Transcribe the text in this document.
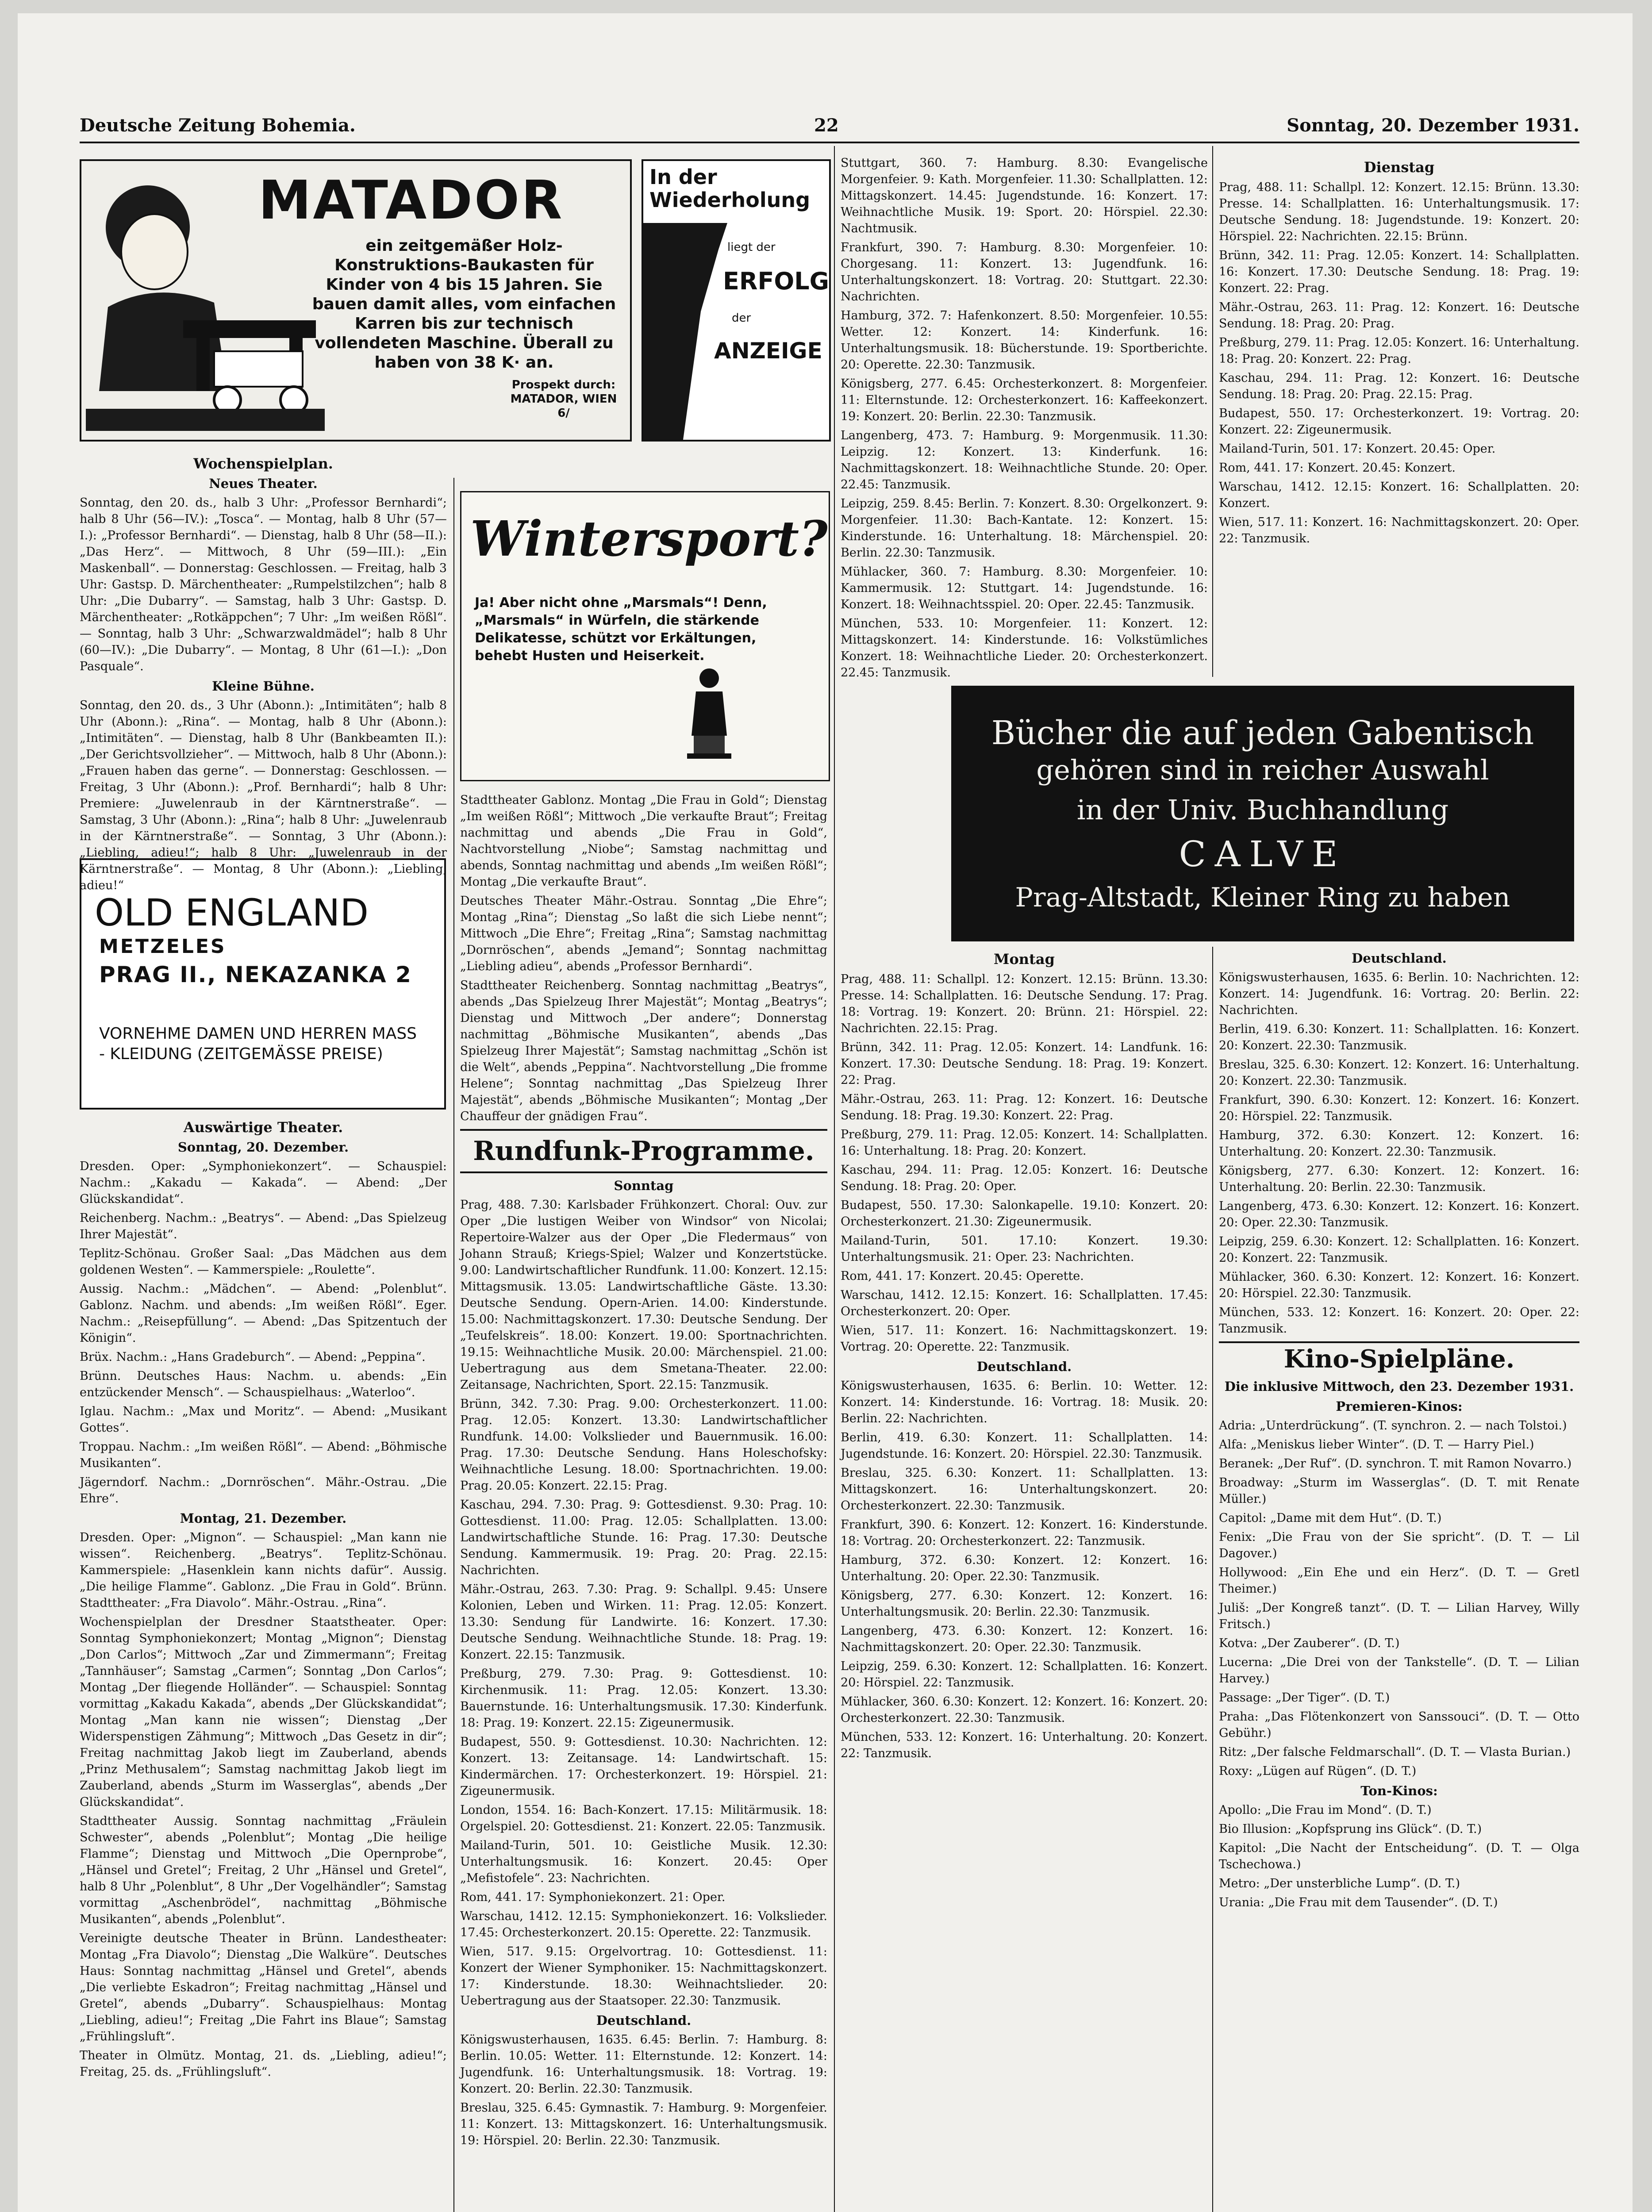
Deutsche Zeitung Bohemia.	22	Sonntag, 20. Dezember 1931.
MATADOR
ein zeitgemäßer Holz-Konstruktions-Baukasten für Kinder von 4 bis 15 Jahren. Sie bauen damit alles, vom einfachen Karren bis zur technisch vollendeten Maschine. Überall zu haben von 38 K· an.
Prospekt durch: MATADOR, WIEN 6/
In der Wiederholung
liegt der
ERFOLG
der
ANZEIGE
Wintersport?
Ja! Aber nicht ohne „Marsmals“! Denn, „Marsmals“ in Würfeln, die stärkende Delikatesse, schützt vor Erkältungen, behebt Husten und Heiserkeit.
OLD ENGLAND
METZELES
PRAG II., NEKAZANKA 2
VORNEHME DAMEN UND HERREN MASS - KLEIDUNG (ZEITGEMÄSSE PREISE)
Bücher die auf jeden Gabentisch
gehören sind in reicher Auswahl
in der Univ. Buchhandlung
CALVE
Prag-Altstadt, Kleiner Ring zu haben
Wochenspielplan.
Neues Theater.

Sonntag, den 20. ds., halb 3 Uhr: „Professor Bernhardi“; halb 8 Uhr (56—IV.): „Tosca“. — Montag, halb 8 Uhr (57—I.): „Professor Bernhardi“. — Dienstag, halb 8 Uhr (58—II.): „Das Herz“. — Mittwoch, 8 Uhr (59—III.): „Ein Maskenball“. — Donnerstag: Geschlossen. — Freitag, halb 3 Uhr: Gastsp. D. Märchentheater: „Rumpelstilzchen“; halb 8 Uhr: „Die Dubarry“. — Samstag, halb 3 Uhr: Gastsp. D. Märchentheater: „Rotkäppchen“; 7 Uhr: „Im weißen Rößl“. — Sonntag, halb 3 Uhr: „Schwarzwaldmädel“; halb 8 Uhr (60—IV.): „Die Dubarry“. — Montag, 8 Uhr (61—I.): „Don Pasquale“.

Kleine Bühne.

Sonntag, den 20. ds., 3 Uhr (Abonn.): „Intimitäten“; halb 8 Uhr (Abonn.): „Rina“. — Montag, halb 8 Uhr (Abonn.): „Intimitäten“. — Dienstag, halb 8 Uhr (Bankbeamten II.): „Der Gerichtsvollzieher“. — Mittwoch, halb 8 Uhr (Abonn.): „Frauen haben das gerne“. — Donnerstag: Geschlossen. — Freitag, 3 Uhr (Abonn.): „Prof. Bernhardi“; halb 8 Uhr: Premiere: „Juwelenraub in der Kärntnerstraße“. — Samstag, 3 Uhr (Abonn.): „Rina“; halb 8 Uhr: „Juwelenraub in der Kärntnerstraße“. — Sonntag, 3 Uhr (Abonn.): „Liebling, adieu!“; halb 8 Uhr: „Juwelenraub in der Kärntnerstraße“. — Montag, 8 Uhr (Abonn.): „Liebling, adieu!“

Auswärtige Theater.
Sonntag, 20. Dezember.

Dresden. Oper: „Symphoniekonzert“. — Schauspiel: Nachm.: „Kakadu — Kakada“. — Abend: „Der Glückskandidat“.

Reichenberg. Nachm.: „Beatrys“. — Abend: „Das Spielzeug Ihrer Majestät“.

Teplitz-Schönau. Großer Saal: „Das Mädchen aus dem goldenen Westen“. — Kammerspiele: „Roulette“.

Aussig. Nachm.: „Mädchen“. — Abend: „Polenblut“. Gablonz. Nachm. und abends: „Im weißen Rößl“. Eger. Nachm.: „Reisepfüllung“. — Abend: „Das Spitzentuch der Königin“.

Brüx. Nachm.: „Hans Gradeburch“. — Abend: „Peppina“.

Brünn. Deutsches Haus: Nachm. u. abends: „Ein entzückender Mensch“. — Schauspielhaus: „Waterloo“.

Iglau. Nachm.: „Max und Moritz“. — Abend: „Musikant Gottes“.

Troppau. Nachm.: „Im weißen Rößl“. — Abend: „Böhmische Musikanten“.

Jägerndorf. Nachm.: „Dornröschen“. Mähr.-Ostrau. „Die Ehre“.

Montag, 21. Dezember.

Dresden. Oper: „Mignon“. — Schauspiel: „Man kann nie wissen“. Reichenberg. „Beatrys“. Teplitz-Schönau. Kammerspiele: „Hasenklein kann nichts dafür“. Aussig. „Die heilige Flamme“. Gablonz. „Die Frau in Gold“. Brünn. Stadttheater: „Fra Diavolo“. Mähr.-Ostrau. „Rina“.

Wochenspielplan der Dresdner Staatstheater. Oper: Sonntag Symphoniekonzert; Montag „Mignon“; Dienstag „Don Carlos“; Mittwoch „Zar und Zimmermann“; Freitag „Tannhäuser“; Samstag „Carmen“; Sonntag „Don Carlos“; Montag „Der fliegende Holländer“. — Schauspiel: Sonntag vormittag „Kakadu Kakada“, abends „Der Glückskandidat“; Montag „Man kann nie wissen“; Dienstag „Der Widerspenstigen Zähmung“; Mittwoch „Das Gesetz in dir“; Freitag nachmittag Jakob liegt im Zauberland, abends „Prinz Methusalem“; Samstag nachmittag Jakob liegt im Zauberland, abends „Sturm im Wasserglas“, abends „Der Glückskandidat“.

Stadttheater Aussig. Sonntag nachmittag „Fräulein Schwester“, abends „Polenblut“; Montag „Die heilige Flamme“; Dienstag und Mittwoch „Die Opernprobe“, „Hänsel und Gretel“; Freitag, 2 Uhr „Hänsel und Gretel“, halb 8 Uhr „Polenblut“, 8 Uhr „Der Vogelhändler“; Samstag vormittag „Aschenbrödel“, nachmittag „Böhmische Musikanten“, abends „Polenblut“.

Vereinigte deutsche Theater in Brünn. Landestheater: Montag „Fra Diavolo“; Dienstag „Die Walküre“. Deutsches Haus: Sonntag nachmittag „Hänsel und Gretel“, abends „Die verliebte Eskadron“; Freitag nachmittag „Hänsel und Gretel“, abends „Dubarry“. Schauspielhaus: Montag „Liebling, adieu!“; Freitag „Die Fahrt ins Blaue“; Samstag „Frühlingsluft“.

Theater in Olmütz. Montag, 21. ds. „Liebling, adieu!“; Freitag, 25. ds. „Frühlingsluft“.

Stadttheater Gablonz. Montag „Die Frau in Gold“; Dienstag „Im weißen Rößl“; Mittwoch „Die verkaufte Braut“; Freitag nachmittag und abends „Die Frau in Gold“, Nachtvorstellung „Niobe“; Samstag nachmittag und abends, Sonntag nachmittag und abends „Im weißen Rößl“; Montag „Die verkaufte Braut“.

Deutsches Theater Mähr.-Ostrau. Sonntag „Die Ehre“; Montag „Rina“; Dienstag „So laßt die sich Liebe nennt“; Mittwoch „Die Ehre“; Freitag „Rina“; Samstag nachmittag „Dornröschen“, abends „Jemand“; Sonntag nachmittag „Liebling adieu“, abends „Professor Bernhardi“.

Stadttheater Reichenberg. Sonntag nachmittag „Beatrys“, abends „Das Spielzeug Ihrer Majestät“; Montag „Beatrys“; Dienstag und Mittwoch „Der andere“; Donnerstag nachmittag „Böhmische Musikanten“, abends „Das Spielzeug Ihrer Majestät“; Samstag nachmittag „Schön ist die Welt“, abends „Peppina“. Nachtvorstellung „Die fromme Helene“; Sonntag nachmittag „Das Spielzeug Ihrer Majestät“, abends „Böhmische Musikanten“; Montag „Der Chauffeur der gnädigen Frau“.

Rundfunk-Programme.
Sonntag

Prag, 488. 7.30: Karlsbader Frühkonzert. Choral: Ouv. zur Oper „Die lustigen Weiber von Windsor“ von Nicolai; Repertoire-Walzer aus der Oper „Die Fledermaus“ von Johann Strauß; Kriegs-Spiel; Walzer und Konzertstücke. 9.00: Landwirtschaftlicher Rundfunk. 11.00: Konzert. 12.15: Mittagsmusik. 13.05: Landwirtschaftliche Gäste. 13.30: Deutsche Sendung. Opern-Arien. 14.00: Kinderstunde. 15.00: Nachmittagskonzert. 17.30: Deutsche Sendung. Der „Teufelskreis“. 18.00: Konzert. 19.00: Sportnachrichten. 19.15: Weihnachtliche Musik. 20.00: Märchenspiel. 21.00: Uebertragung aus dem Smetana-Theater. 22.00: Zeitansage, Nachrichten, Sport. 22.15: Tanzmusik.

Brünn, 342. 7.30: Prag. 9.00: Orchesterkonzert. 11.00: Prag. 12.05: Konzert. 13.30: Landwirtschaftlicher Rundfunk. 14.00: Volkslieder und Bauernmusik. 16.00: Prag. 17.30: Deutsche Sendung. Hans Holeschofsky: Weihnachtliche Lesung. 18.00: Sportnachrichten. 19.00: Prag. 20.05: Konzert. 22.15: Prag.

Kaschau, 294. 7.30: Prag. 9: Gottesdienst. 9.30: Prag. 10: Gottesdienst. 11.00: Prag. 12.05: Schallplatten. 13.00: Landwirtschaftliche Stunde. 16: Prag. 17.30: Deutsche Sendung. Kammermusik. 19: Prag. 20: Prag. 22.15: Nachrichten.

Mähr.-Ostrau, 263. 7.30: Prag. 9: Schallpl. 9.45: Unsere Kolonien, Leben und Wirken. 11: Prag. 12.05: Konzert. 13.30: Sendung für Landwirte. 16: Konzert. 17.30: Deutsche Sendung. Weihnachtliche Stunde. 18: Prag. 19: Konzert. 22.15: Tanzmusik.

Preßburg, 279. 7.30: Prag. 9: Gottesdienst. 10: Kirchenmusik. 11: Prag. 12.05: Konzert. 13.30: Bauernstunde. 16: Unterhaltungsmusik. 17.30: Kinderfunk. 18: Prag. 19: Konzert. 22.15: Zigeunermusik.

Budapest, 550. 9: Gottesdienst. 10.30: Nachrichten. 12: Konzert. 13: Zeitansage. 14: Landwirtschaft. 15: Kindermärchen. 17: Orchesterkonzert. 19: Hörspiel. 21: Zigeunermusik.

London, 1554. 16: Bach-Konzert. 17.15: Militärmusik. 18: Orgelspiel. 20: Gottesdienst. 21: Konzert. 22.05: Tanzmusik.

Mailand-Turin, 501. 10: Geistliche Musik. 12.30: Unterhaltungsmusik. 16: Konzert. 20.45: Oper „Mefistofele“. 23: Nachrichten.

Rom, 441. 17: Symphoniekonzert. 21: Oper.

Warschau, 1412. 12.15: Symphoniekonzert. 16: Volkslieder. 17.45: Orchesterkonzert. 20.15: Operette. 22: Tanzmusik.

Wien, 517. 9.15: Orgelvortrag. 10: Gottesdienst. 11: Konzert der Wiener Symphoniker. 15: Nachmittagskonzert. 17: Kinderstunde. 18.30: Weihnachtslieder. 20: Uebertragung aus der Staatsoper. 22.30: Tanzmusik.

Deutschland.

Königswusterhausen, 1635. 6.45: Berlin. 7: Hamburg. 8: Berlin. 10.05: Wetter. 11: Elternstunde. 12: Konzert. 14: Jugendfunk. 16: Unterhaltungsmusik. 18: Vortrag. 19: Konzert. 20: Berlin. 22.30: Tanzmusik.

Breslau, 325. 6.45: Gymnastik. 7: Hamburg. 9: Morgenfeier. 11: Konzert. 13: Mittagskonzert. 16: Unterhaltungsmusik. 19: Hörspiel. 20: Berlin. 22.30: Tanzmusik.

Stuttgart, 360. 7: Hamburg. 8.30: Evangelische Morgenfeier. 9: Kath. Morgenfeier. 11.30: Schallplatten. 12: Mittagskonzert. 14.45: Jugendstunde. 16: Konzert. 17: Weihnachtliche Musik. 19: Sport. 20: Hörspiel. 22.30: Nachtmusik.

Frankfurt, 390. 7: Hamburg. 8.30: Morgenfeier. 10: Chorgesang. 11: Konzert. 13: Jugendfunk. 16: Unterhaltungskonzert. 18: Vortrag. 20: Stuttgart. 22.30: Nachrichten.

Hamburg, 372. 7: Hafenkonzert. 8.50: Morgenfeier. 10.55: Wetter. 12: Konzert. 14: Kinderfunk. 16: Unterhaltungsmusik. 18: Bücherstunde. 19: Sportberichte. 20: Operette. 22.30: Tanzmusik.

Königsberg, 277. 6.45: Orchesterkonzert. 8: Morgenfeier. 11: Elternstunde. 12: Orchesterkonzert. 16: Kaffeekonzert. 19: Konzert. 20: Berlin. 22.30: Tanzmusik.

Langenberg, 473. 7: Hamburg. 9: Morgenmusik. 11.30: Leipzig. 12: Konzert. 13: Kinderfunk. 16: Nachmittagskonzert. 18: Weihnachtliche Stunde. 20: Oper. 22.45: Tanzmusik.

Leipzig, 259. 8.45: Berlin. 7: Konzert. 8.30: Orgelkonzert. 9: Morgenfeier. 11.30: Bach-Kantate. 12: Konzert. 15: Kinderstunde. 16: Unterhaltung. 18: Märchenspiel. 20: Berlin. 22.30: Tanzmusik.

Mühlacker, 360. 7: Hamburg. 8.30: Morgenfeier. 10: Kammermusik. 12: Stuttgart. 14: Jugendstunde. 16: Konzert. 18: Weihnachtsspiel. 20: Oper. 22.45: Tanzmusik.

München, 533. 10: Morgenfeier. 11: Konzert. 12: Mittagskonzert. 14: Kinderstunde. 16: Volkstümliches Konzert. 18: Weihnachtliche Lieder. 20: Orchesterkonzert. 22.45: Tanzmusik.

Montag

Prag, 488. 11: Schallpl. 12: Konzert. 12.15: Brünn. 13.30: Presse. 14: Schallplatten. 16: Deutsche Sendung. 17: Prag. 18: Vortrag. 19: Konzert. 20: Brünn. 21: Hörspiel. 22: Nachrichten. 22.15: Prag.

Brünn, 342. 11: Prag. 12.05: Konzert. 14: Landfunk. 16: Konzert. 17.30: Deutsche Sendung. 18: Prag. 19: Konzert. 22: Prag.

Mähr.-Ostrau, 263. 11: Prag. 12: Konzert. 16: Deutsche Sendung. 18: Prag. 19.30: Konzert. 22: Prag.

Preßburg, 279. 11: Prag. 12.05: Konzert. 14: Schallplatten. 16: Unterhaltung. 18: Prag. 20: Konzert.

Kaschau, 294. 11: Prag. 12.05: Konzert. 16: Deutsche Sendung. 18: Prag. 20: Oper.

Budapest, 550. 17.30: Salonkapelle. 19.10: Konzert. 20: Orchesterkonzert. 21.30: Zigeunermusik.

Mailand-Turin, 501. 17.10: Konzert. 19.30: Unterhaltungsmusik. 21: Oper. 23: Nachrichten.

Rom, 441. 17: Konzert. 20.45: Operette.

Warschau, 1412. 12.15: Konzert. 16: Schallplatten. 17.45: Orchesterkonzert. 20: Oper.

Wien, 517. 11: Konzert. 16: Nachmittagskonzert. 19: Vortrag. 20: Operette. 22: Tanzmusik.

Deutschland.

Königswusterhausen, 1635. 6: Berlin. 10: Wetter. 12: Konzert. 14: Kinderstunde. 16: Vortrag. 18: Musik. 20: Berlin. 22: Nachrichten.

Berlin, 419. 6.30: Konzert. 11: Schallplatten. 14: Jugendstunde. 16: Konzert. 20: Hörspiel. 22.30: Tanzmusik.

Breslau, 325. 6.30: Konzert. 11: Schallplatten. 13: Mittagskonzert. 16: Unterhaltungskonzert. 20: Orchesterkonzert. 22.30: Tanzmusik.

Frankfurt, 390. 6: Konzert. 12: Konzert. 16: Kinderstunde. 18: Vortrag. 20: Orchesterkonzert. 22: Tanzmusik.

Hamburg, 372. 6.30: Konzert. 12: Konzert. 16: Unterhaltung. 20: Oper. 22.30: Tanzmusik.

Königsberg, 277. 6.30: Konzert. 12: Konzert. 16: Unterhaltungsmusik. 20: Berlin. 22.30: Tanzmusik.

Langenberg, 473. 6.30: Konzert. 12: Konzert. 16: Nachmittagskonzert. 20: Oper. 22.30: Tanzmusik.

Leipzig, 259. 6.30: Konzert. 12: Schallplatten. 16: Konzert. 20: Hörspiel. 22: Tanzmusik.

Mühlacker, 360. 6.30: Konzert. 12: Konzert. 16: Konzert. 20: Orchesterkonzert. 22.30: Tanzmusik.

München, 533. 12: Konzert. 16: Unterhaltung. 20: Konzert. 22: Tanzmusik.

Dienstag

Prag, 488. 11: Schallpl. 12: Konzert. 12.15: Brünn. 13.30: Presse. 14: Schallplatten. 16: Unterhaltungsmusik. 17: Deutsche Sendung. 18: Jugendstunde. 19: Konzert. 20: Hörspiel. 22: Nachrichten. 22.15: Brünn.

Brünn, 342. 11: Prag. 12.05: Konzert. 14: Schallplatten. 16: Konzert. 17.30: Deutsche Sendung. 18: Prag. 19: Konzert. 22: Prag.

Mähr.-Ostrau, 263. 11: Prag. 12: Konzert. 16: Deutsche Sendung. 18: Prag. 20: Prag.

Preßburg, 279. 11: Prag. 12.05: Konzert. 16: Unterhaltung. 18: Prag. 20: Konzert. 22: Prag.

Kaschau, 294. 11: Prag. 12: Konzert. 16: Deutsche Sendung. 18: Prag. 20: Prag. 22.15: Prag.

Budapest, 550. 17: Orchesterkonzert. 19: Vortrag. 20: Konzert. 22: Zigeunermusik.

Mailand-Turin, 501. 17: Konzert. 20.45: Oper.

Rom, 441. 17: Konzert. 20.45: Konzert.

Warschau, 1412. 12.15: Konzert. 16: Schallplatten. 20: Konzert.

Wien, 517. 11: Konzert. 16: Nachmittagskonzert. 20: Oper. 22: Tanzmusik.

Deutschland.

Königswusterhausen, 1635. 6: Berlin. 10: Nachrichten. 12: Konzert. 14: Jugendfunk. 16: Vortrag. 20: Berlin. 22: Nachrichten.

Berlin, 419. 6.30: Konzert. 11: Schallplatten. 16: Konzert. 20: Konzert. 22.30: Tanzmusik.

Breslau, 325. 6.30: Konzert. 12: Konzert. 16: Unterhaltung. 20: Konzert. 22.30: Tanzmusik.

Frankfurt, 390. 6.30: Konzert. 12: Konzert. 16: Konzert. 20: Hörspiel. 22: Tanzmusik.

Hamburg, 372. 6.30: Konzert. 12: Konzert. 16: Unterhaltung. 20: Konzert. 22.30: Tanzmusik.

Königsberg, 277. 6.30: Konzert. 12: Konzert. 16: Unterhaltung. 20: Berlin. 22.30: Tanzmusik.

Langenberg, 473. 6.30: Konzert. 12: Konzert. 16: Konzert. 20: Oper. 22.30: Tanzmusik.

Leipzig, 259. 6.30: Konzert. 12: Schallplatten. 16: Konzert. 20: Konzert. 22: Tanzmusik.

Mühlacker, 360. 6.30: Konzert. 12: Konzert. 16: Konzert. 20: Hörspiel. 22.30: Tanzmusik.

München, 533. 12: Konzert. 16: Konzert. 20: Oper. 22: Tanzmusik.

Kino-Spielpläne.
Die inklusive Mittwoch, den 23. Dezember 1931.
Premieren-Kinos:

Adria: „Unterdrückung“. (T. synchron. 2. — nach Tolstoi.)

Alfa: „Meniskus lieber Winter“. (D. T. — Harry Piel.)

Beranek: „Der Ruf“. (D. synchron. T. mit Ramon Novarro.)

Broadway: „Sturm im Wasserglas“. (D. T. mit Renate Müller.)

Capitol: „Dame mit dem Hut“. (D. T.)

Fenix: „Die Frau von der Sie spricht“. (D. T. — Lil Dagover.)

Hollywood: „Ein Ehe und ein Herz“. (D. T. — Gretl Theimer.)

Juliš: „Der Kongreß tanzt“. (D. T. — Lilian Harvey, Willy Fritsch.)

Kotva: „Der Zauberer“. (D. T.)

Lucerna: „Die Drei von der Tankstelle“. (D. T. — Lilian Harvey.)

Passage: „Der Tiger“. (D. T.)

Praha: „Das Flötenkonzert von Sanssouci“. (D. T. — Otto Gebühr.)

Ritz: „Der falsche Feldmarschall“. (D. T. — Vlasta Burian.)

Roxy: „Lügen auf Rügen“. (D. T.)

Ton-Kinos:

Apollo: „Die Frau im Mond“. (D. T.)

Bio Illusion: „Kopfsprung ins Glück“. (D. T.)

Kapitol: „Die Nacht der Entscheidung“. (D. T. — Olga Tschechowa.)

Metro: „Der unsterbliche Lump“. (D. T.)

Urania: „Die Frau mit dem Tausender“. (D. T.)
